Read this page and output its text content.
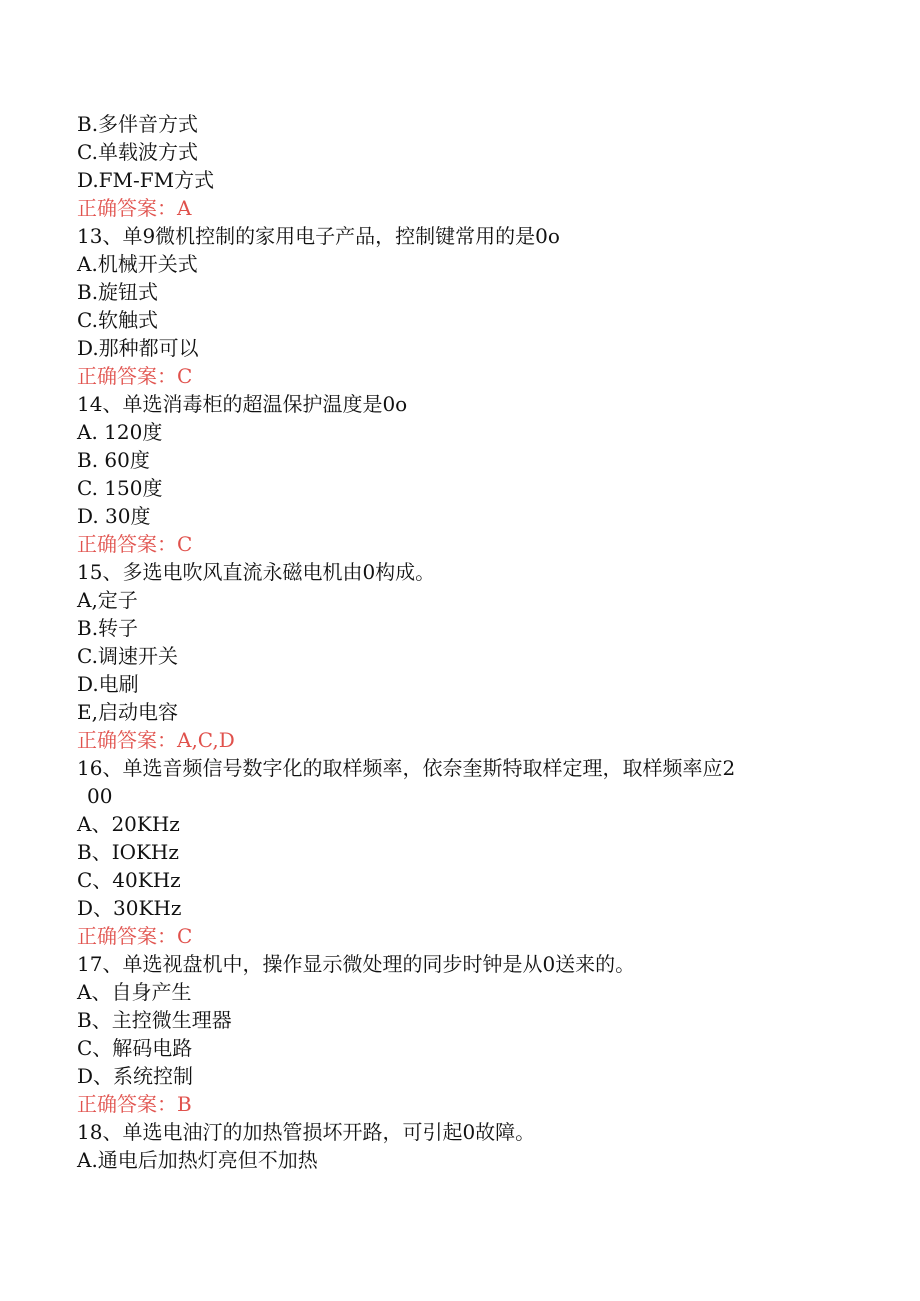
B.多伴音方式
C.单载波方式
D.FM-FM方式
正确答案：A
13、单9微机控制的家用电子产品，控制键常用的是0o
A.机械开关式
B.旋钮式
C.软触式
D.那种都可以
正确答案：C
14、单选消毒柜的超温保护温度是0o
A. 120度
B. 60度
C. 150度
D. 30度
正确答案：C
15、多选电吹风直流永磁电机由0构成。
A,定子
B.转子
C.调速开关
D.电刷
E,启动电容
正确答案：A,C,D
16、单选音频信号数字化的取样频率，依奈奎斯特取样定理，取样频率应2
00
A、20KHz
B、IOKHz
C、40KHz
D、30KHz
正确答案：C
17、单选视盘机中，操作显示微处理的同步时钟是从0送来的。
A、自身产生
B、主控微生理器
C、解码电路
D、系统控制
正确答案：B
18、单选电油汀的加热管损坏开路，可引起0故障。
A.通电后加热灯亮但不加热
